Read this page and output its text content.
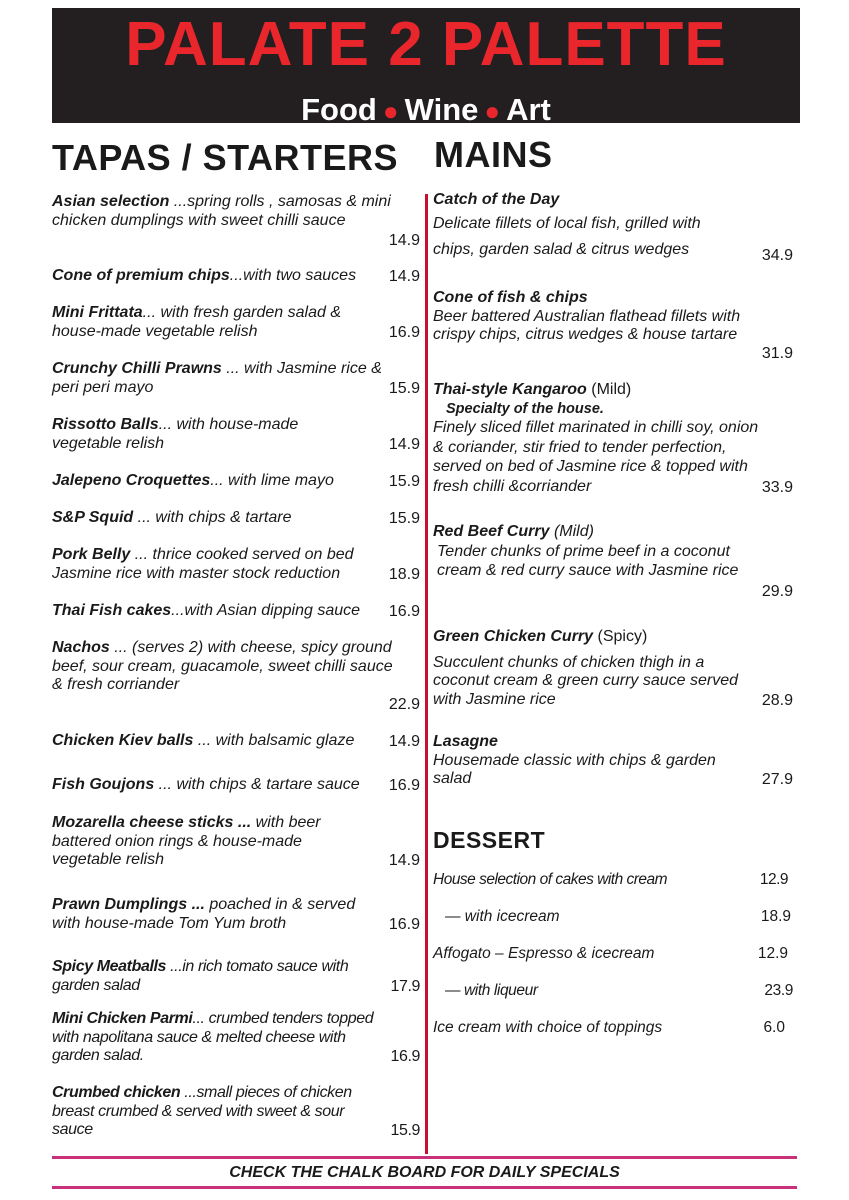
PALATE 2 PALETTE
Food ● Wine ● Art
TAPAS / STARTERS MAINS
DESSERT
Asian selection ...spring rolls , samosas & mini chicken dumplings with sweet chilli sauce
14.9
Cone of premium chips...with two sauces 14.9
Mini Frittata... with fresh garden salad & house-made vegetable relish	16.9
Crunchy Chilli Prawns ... with Jasmine rice & peri peri mayo	15.9
Rissotto Balls... with house-made vegetable relish	14.9
Jalepeno Croquettes... with lime mayo	15.9
S&P Squid ... with chips & tartare	15.9
Pork Belly ... thrice cooked served on bed Jasmine rice with master stock reduction	18.9
Thai Fish cakes...with Asian dipping sauce 16.9
Nachos ... (serves 2) with cheese, spicy ground beef, sour cream, guacamole, sweet chilli sauce & fresh corriander
22.9
Chicken Kiev balls ... with balsamic glaze 14.9
Fish Goujons ... with chips & tartare sauce 16.9
Mozarella cheese sticks ... with beer battered onion rings & house-made vegetable relish	14.9
Prawn Dumplings ... poached in & served with house-made Tom Yum broth	16.9
Spicy Meatballs ...in rich tomato sauce with garden salad	17.9
Mini Chicken Parmi... crumbed tenders topped with napolitana sauce & melted cheese with garden salad.	16.9
Crumbed chicken ...small pieces of chicken breast crumbed & served with sweet & sour sauce	15.9
Catch of the Day
Delicate fillets of local fish, grilled with chips, garden salad & citrus wedges	34.9
Cone of fish & chips
Beer battered Australian flathead fillets with crispy chips, citrus wedges & house tartare
31.9
Thai-style Kangaroo (Mild)
Specialty of the house.
Finely sliced fillet marinated in chilli soy, onion & coriander, stir fried to tender perfection, served on bed of Jasmine rice & topped with fresh chilli &corriander	33.9
Red Beef Curry (Mild)
Tender chunks of prime beef in a coconut cream & red curry sauce with Jasmine rice
29.9
Green Chicken Curry (Spicy)
Succulent chunks of chicken thigh in a coconut cream & green curry sauce served with Jasmine rice	28.9
Lasagne
Housemade classic with chips & garden salad	27.9
House selection of cakes with cream	12.9
— with icecream	18.9
Affogato – Espresso & icecream	12.9
— with liqueur	23.9
Ice cream with choice of toppings	6.0
CHECK THE CHALK BOARD FOR DAILY SPECIALS
